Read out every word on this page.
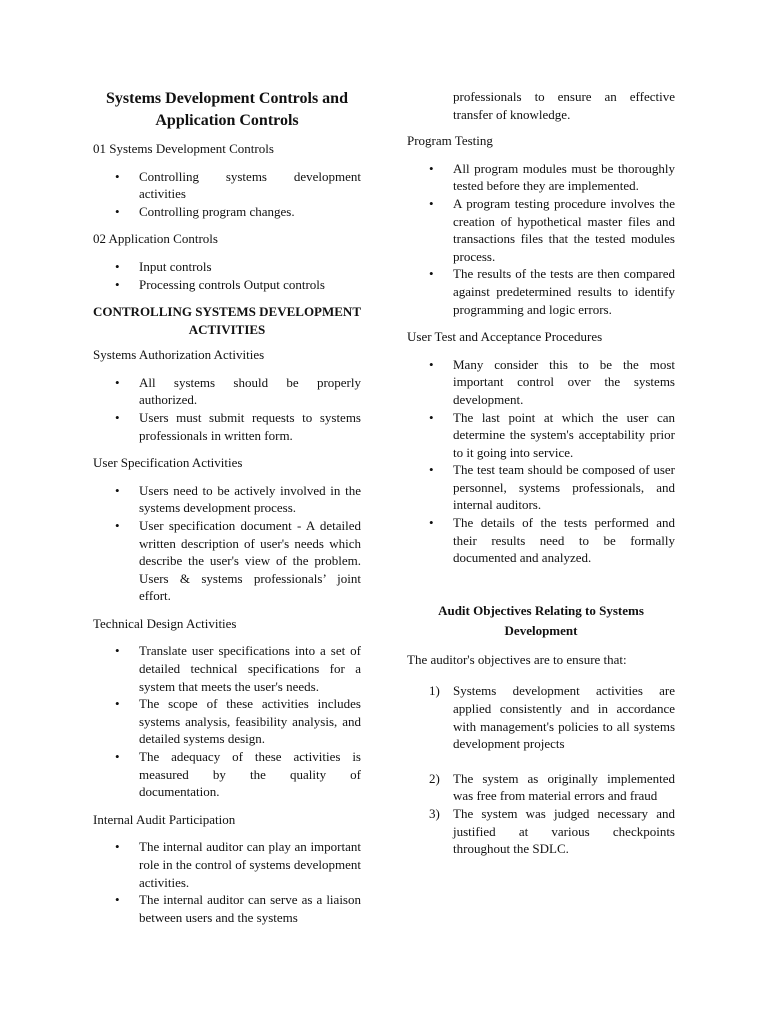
Systems Development Controls and Application Controls
01 Systems Development Controls
• Controlling systems development activities
• Controlling program changes.
02 Application Controls
• Input controls
• Processing controls Output controls
CONTROLLING SYSTEMS DEVELOPMENT ACTIVITIES
Systems Authorization Activities
• All systems should be properly authorized.
• Users must submit requests to systems professionals in written form.
User Specification Activities
• Users need to be actively involved in the systems development process.
• User specification document - A detailed written description of user's needs which describe the user's view of the problem. Users & systems professionals’ joint effort.
Technical Design Activities
• Translate user specifications into a set of detailed technical specifications for a system that meets the user's needs.
• The scope of these activities includes systems analysis, feasibility analysis, and detailed systems design.
• The adequacy of these activities is measured by the quality of documentation.
Internal Audit Participation
• The internal auditor can play an important role in the control of systems development activities.
• The internal auditor can serve as a liaison between users and the systems
professionals to ensure an effective transfer of knowledge.
Program Testing
• All program modules must be thoroughly tested before they are implemented.
• A program testing procedure involves the creation of hypothetical master files and transactions files that the tested modules process.
• The results of the tests are then compared against predetermined results to identify programming and logic errors.
User Test and Acceptance Procedures
• Many consider this to be the most important control over the systems development.
• The last point at which the user can determine the system's acceptability prior to it going into service.
• The test team should be composed of user personnel, systems professionals, and internal auditors.
• The details of the tests performed and their results need to be formally documented and analyzed.
Audit Objectives Relating to Systems Development

The auditor's objectives are to ensure that:

1) Systems development activities are applied consistently and in accordance with management's policies to all systems development projects
2) The system as originally implemented was free from material errors and fraud
3) The system was judged necessary and justified at various checkpoints throughout the SDLC.
